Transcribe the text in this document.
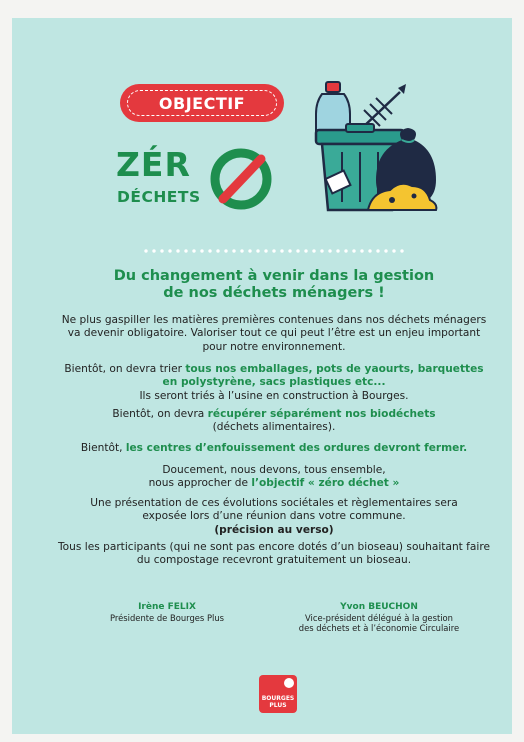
OBJECTIF
ZÉR
DÉCHETS
Du changement à venir dans la gestion
de nos déchets ménagers !
Ne plus gaspiller les matières premières contenues dans nos déchets ménagers va devenir obligatoire. Valoriser tout ce qui peut l’être est un enjeu important pour notre environnement.
Bientôt, on devra trier tous nos emballages, pots de yaourts, barquettes en polystyrène, sacs plastiques etc...
Ils seront triés à l’usine en construction à Bourges.
Bientôt, on devra récupérer séparément nos biodéchets
(déchets alimentaires).
Bientôt, les centres d’enfouissement des ordures devront fermer.
Doucement, nous devons, tous ensemble,
nous approcher de l’objectif « zéro déchet »
Une présentation de ces évolutions sociétales et règlementaires sera exposée lors d’une réunion dans votre commune.
(précision au verso)
Tous les participants (qui ne sont pas encore dotés d’un bioseau) souhaitant faire du compostage recevront gratuitement un bioseau.
Irène FELIX
Présidente de Bourges Plus
Yvon BEUCHON
Vice-président délégué à la gestion
des déchets et à l’économie Circulaire
BOURGES
PLUS
